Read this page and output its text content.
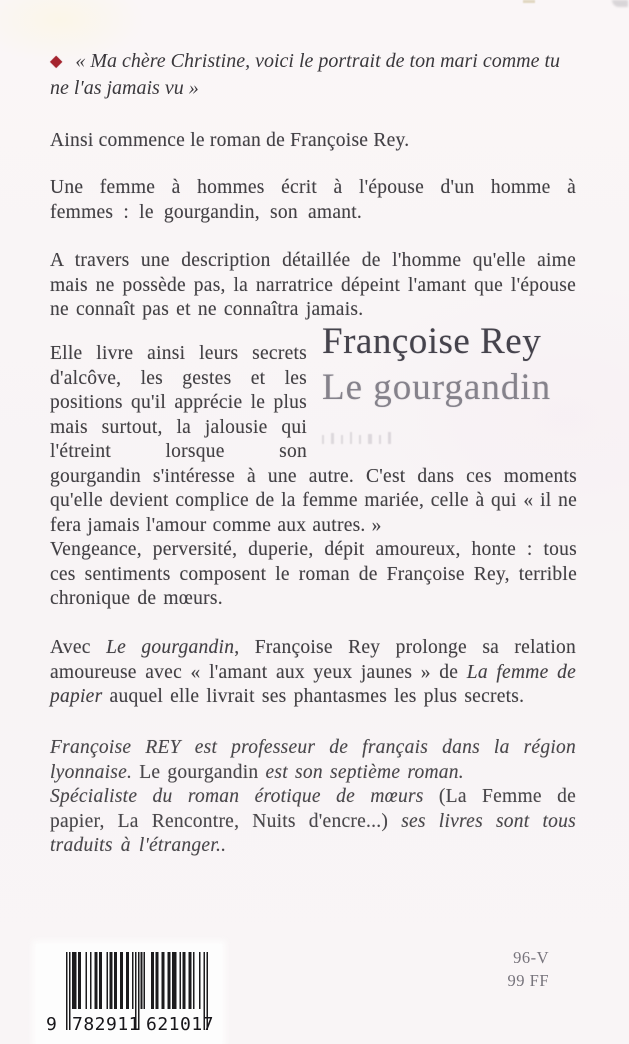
◆ « Ma chère Christine, voici le portrait de ton mari comme tu ne l'as jamais vu »

Ainsi commence le roman de Françoise Rey.

Une femme à hommes écrit à l'épouse d'un homme à femmes : le gourgandin, son amant.

A travers une description détaillée de l'homme qu'elle aime mais ne possède pas, la narratrice dépeint l'amant que l'épouse ne connaît pas et ne connaîtra jamais.

Françoise Rey
Le gourgandin

Elle livre ainsi leurs secrets d'alcôve, les gestes et les positions qu'il apprécie le plus mais surtout, la jalousie qui l'étreint lorsque son gourgandin s'intéresse à une autre. C'est dans ces moments qu'elle devient complice de la femme mariée, celle à qui « il ne fera jamais l'amour comme aux autres. »

Vengeance, perversité, duperie, dépit amoureux, honte : tous ces sentiments composent le roman de Françoise Rey, terrible chronique de mœurs.

Avec Le gourgandin, Françoise Rey prolonge sa relation amoureuse avec « l'amant aux yeux jaunes » de La femme de papier auquel elle livrait ses phantasmes les plus secrets.

Françoise REY est professeur de français dans la région lyonnaise. Le gourgandin est son septième roman.

Spécialiste du roman érotique de mœurs (La Femme de papier, La Rencontre, Nuits d'encre...) ses livres sont tous traduits à l'étranger..

96-V
99 FF
9 782911 621017
